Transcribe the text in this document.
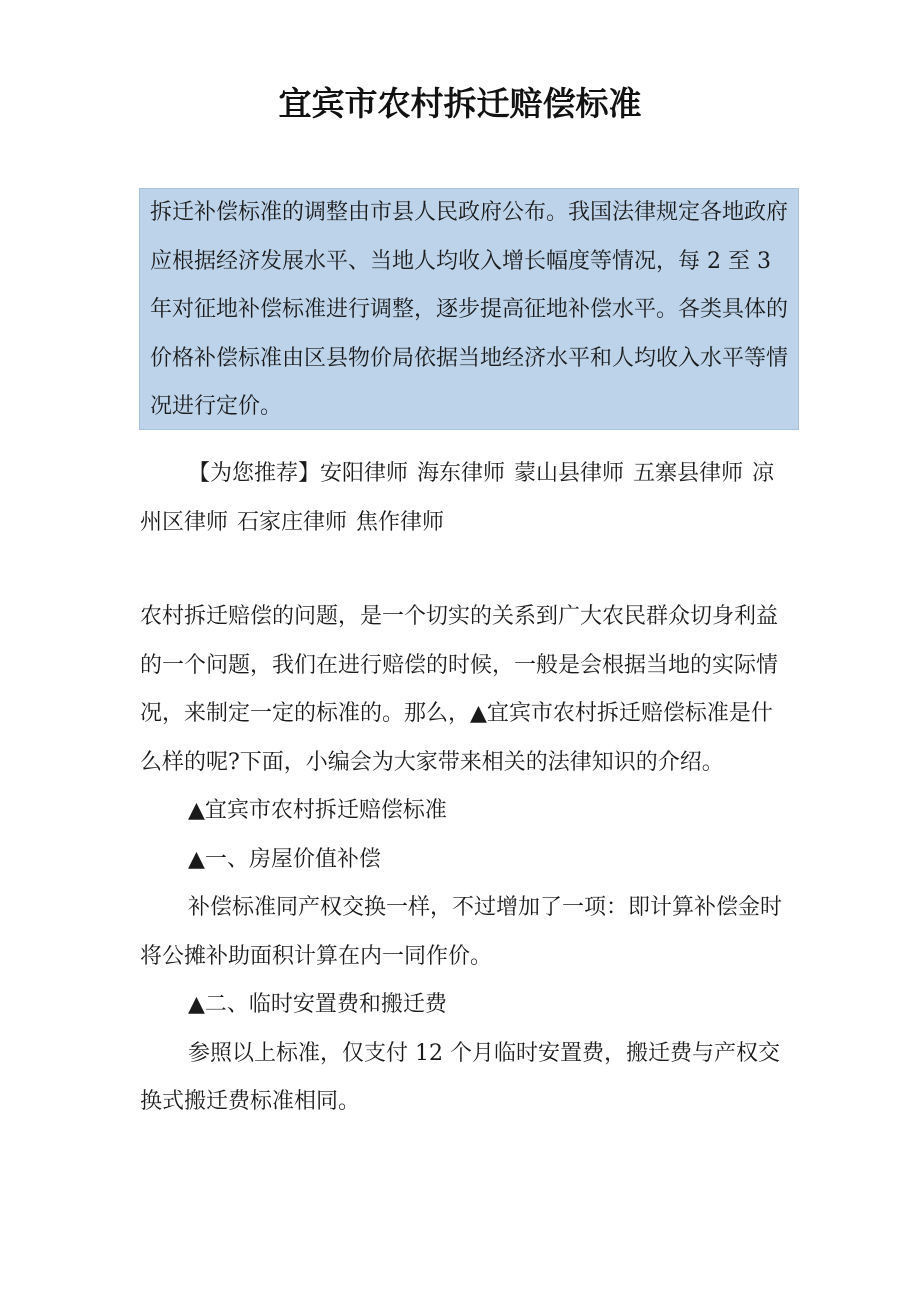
宜宾市农村拆迁赔偿标准

拆迁补偿标准的调整由市县人民政府公布。我国法律规定各地政府应根据经济发展水平、当地人均收入增长幅度等情况，每 2 至 3 年对征地补偿标准进行调整，逐步提高征地补偿水平。各类具体的价格补偿标准由区县物价局依据当地经济水平和人均收入水平等情况进行定价。

【为您推荐】安阳律师 海东律师 蒙山县律师 五寨县律师 凉州区律师 石家庄律师 焦作律师

农村拆迁赔偿的问题，是一个切实的关系到广大农民群众切身利益的一个问题，我们在进行赔偿的时候，一般是会根据当地的实际情况，来制定一定的标准的。那么，▲宜宾市农村拆迁赔偿标准是什么样的呢?下面，小编会为大家带来相关的法律知识的介绍。

▲宜宾市农村拆迁赔偿标准

▲一、房屋价值补偿

补偿标准同产权交换一样，不过增加了一项：即计算补偿金时将公摊补助面积计算在内一同作价。

▲二、临时安置费和搬迁费

参照以上标准，仅支付 12 个月临时安置费，搬迁费与产权交换式搬迁费标准相同。
